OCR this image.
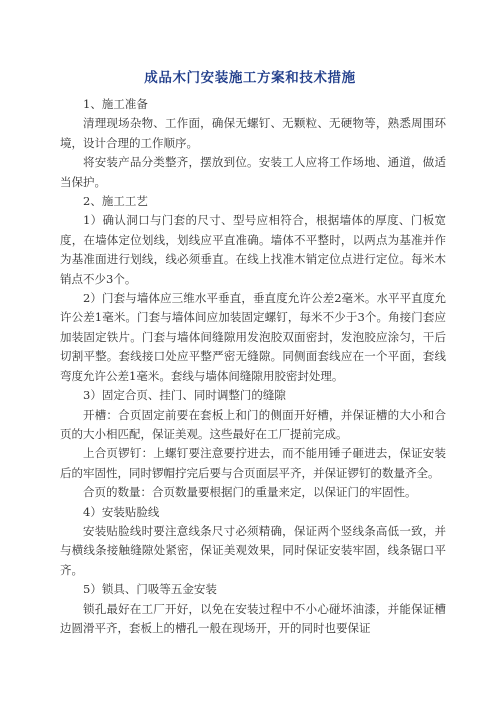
成品木门安装施工方案和技术措施

1、施工准备

清理现场杂物、工作面，确保无螺钉、无颗粒、无硬物等，熟悉周围环境，设计合理的工作顺序。

将安装产品分类整齐，摆放到位。安装工人应将工作场地、通道，做适当保护。

2、施工工艺

1）确认洞口与门套的尺寸、型号应相符合，根据墙体的厚度、门板宽度，在墙体定位划线，划线应平直准确。墙体不平整时，以两点为基准并作为基准面进行划线，线必须垂直。在线上找准木销定位点进行定位。每米木销点不少3个。

2）门套与墙体应三维水平垂直，垂直度允许公差2毫米。水平平直度允许公差1毫米。门套与墙体间应加装固定螺钉，每米不少于3个。角接门套应加装固定铁片。门套与墙体间缝隙用发泡胶双面密封，发泡胶应涂匀，干后切割平整。套线接口处应平整严密无缝隙。同侧面套线应在一个平面，套线弯度允许公差1毫米。套线与墙体间缝隙用胶密封处理。

3）固定合页、挂门、同时调整门的缝隙

开槽：合页固定前要在套板上和门的侧面开好槽，并保证槽的大小和合页的大小相匹配，保证美观。这些最好在工厂提前完成。

上合页锣钉：上螺钉要注意要拧进去，而不能用锤子砸进去，保证安装后的牢固性，同时锣帽拧完后要与合页面层平齐，并保证锣钉的数量齐全。

合页的数量：合页数量要根据门的重量来定，以保证门的牢固性。

4）安装贴脸线

安装贴脸线时要注意线条尺寸必须精确，保证两个竖线条高低一致，并与横线条接触缝隙处紧密，保证美观效果，同时保证安装牢固，线条锯口平齐。

5）锁具、门吸等五金安装

锁孔最好在工厂开好，以免在安装过程中不小心碰坏油漆，并能保证槽边圆滑平齐，套板上的槽孔一般在现场开，开的同时也要保证
